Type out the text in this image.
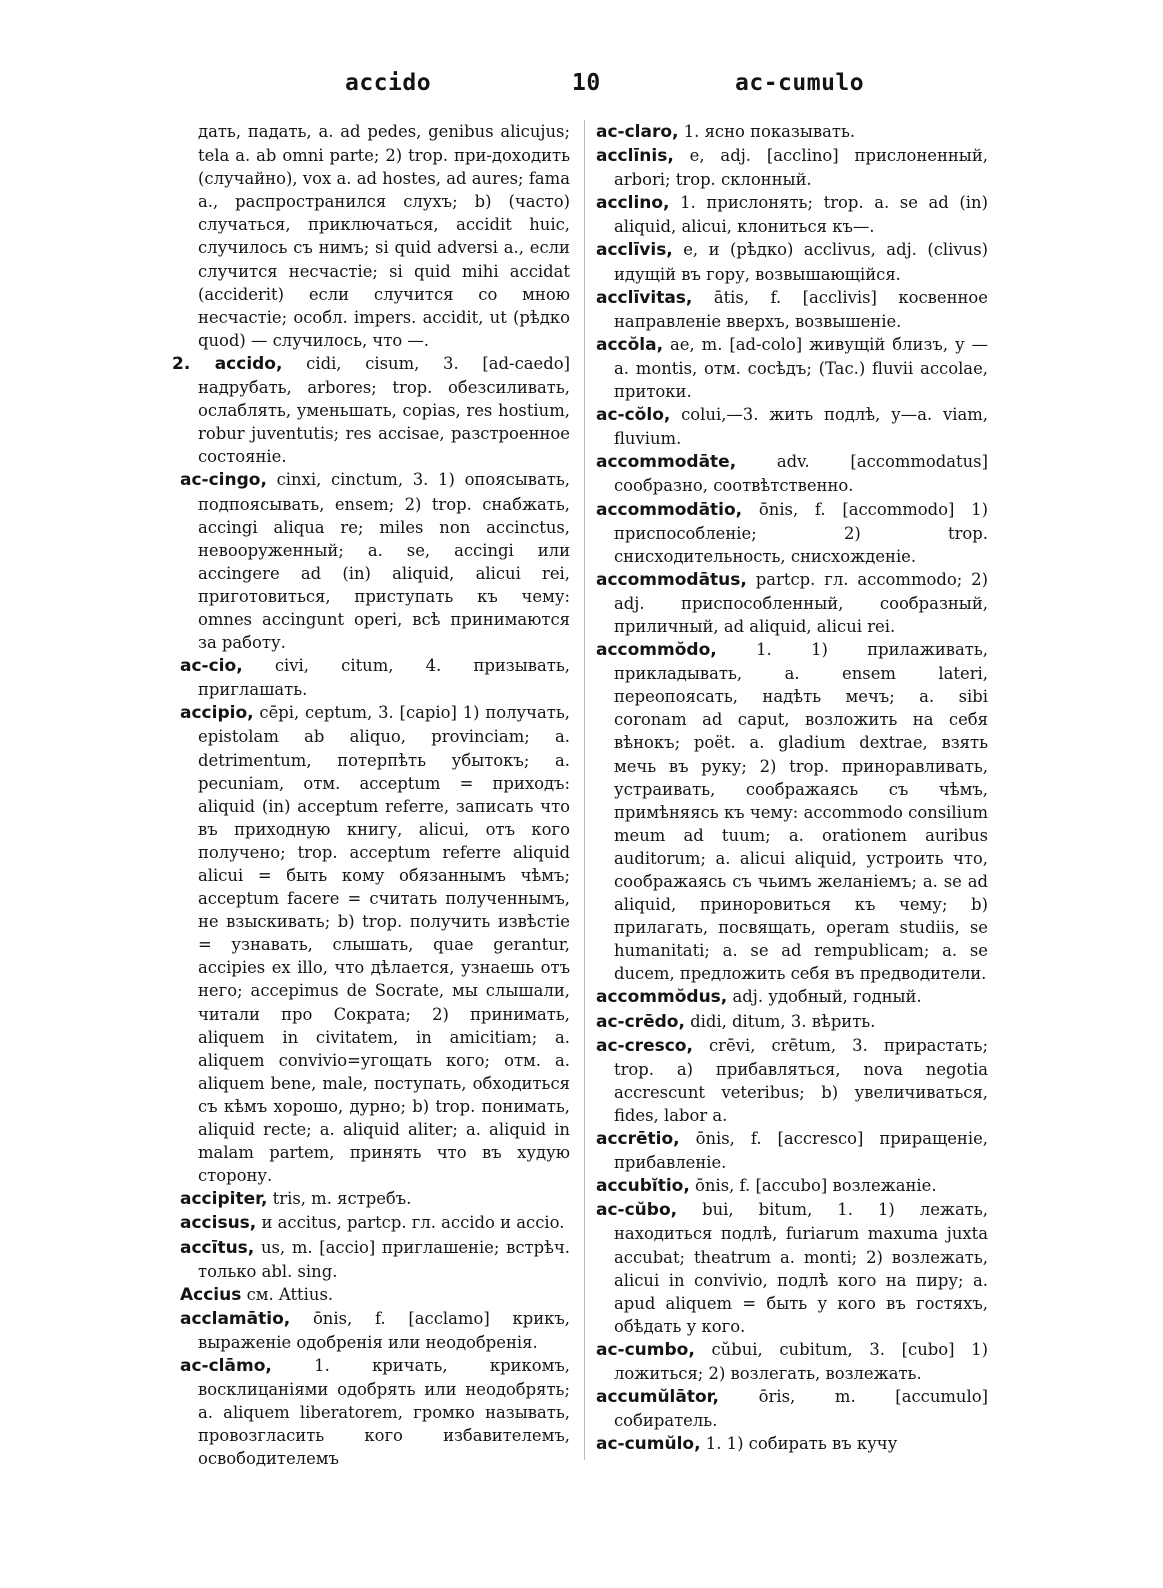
accido	10	ac-cumulo

дать, падать, a. ad pedes, genibus alicujus; tela a. ab omni parte; 2) trop. при-доходить (случайно), vox a. ad hostes, ad aures; fama a., распространился слухъ; b) (часто) случаться, приключаться, accidit huic, случилось съ нимъ; si quid adversi a., если случится несчастіе; si quid mihi accidat (acciderit) если случится со мною несчастіе; особл. impers. accidit, ut (рѣдко quod) — случилось, что —.

2. accido, cidi, cisum, 3. [ad-caedo] надрубать, arbores; trop. обезсиливать, ослаблять, уменьшать, copias, res hostium, robur juventutis; res accisae, разстроенное состояніе.

ac-cingo, cinxi, cinctum, 3. 1) опоясывать, подпоясывать, ensem; 2) trop. снабжать, accingi aliqua re; miles non accinctus, невооруженный; a. se, accingi или accingere ad (in) aliquid, alicui rei, приготовиться, приступать къ чему: omnes accingunt operi, всѣ принимаются за работу.

ac-cio, civi, citum, 4. призывать, приглашать.

accipio, cēpi, ceptum, 3. [capio] 1) получать, epistolam ab aliquo, provinciam; a. detrimentum, потерпѣть убытокъ; a. pecuniam, отм. acceptum = приходъ: aliquid (in) acceptum referre, записать что въ приходную книгу, alicui, отъ кого получено; trop. acceptum referre aliquid alicui = быть кому обязаннымъ чѣмъ; acceptum facere = считать полученнымъ, не взыскивать; b) trop. получить извѣстіе = узнавать, слышать, quae gerantur, accipies ex illo, что дѣлается, узнаешь отъ него; accepimus de Socrate, мы слышали, читали про Сократа; 2) принимать, aliquem in civitatem, in amicitiam; a. aliquem convivio=угощать кого; отм. a. aliquem bene, male, поступать, обходиться съ кѣмъ хорошо, дурно; b) trop. понимать, aliquid recte; a. aliquid aliter; a. aliquid in malam partem, принять что въ худую сторону.

accipiter, tris, m. ястребъ.

accisus, и accitus, partcp. гл. accido и accio.

accītus, us, m. [accio] приглашеніе; встрѣч. только abl. sing.

Accius см. Attius.

acclamātio, ōnis, f. [acclamo] крикъ, выраженіе одобренія или неодобренія.

ac-clāmo,	1. кричать, крикомъ, восклицаніями одобрять или неодобрять; a. aliquem liberatorem, громко называть, провозгласить кого избавителемъ, освободителемъ

ac-claro, 1. ясно показывать.

acclīnis, e, adj. [acclino] прислоненный, arbori; trop. склонный.

acclino, 1. прислонять; trop. a. se ad (in) aliquid, alicui, клониться къ—.

acclīvis, e, и (рѣдко) acclivus, adj. (clivus) идущій въ гору, возвышающійся.

acclīvitas, ātis, f. [acclivis] косвенное направленіе вверхъ, возвышеніе.

accŏla, ae, m. [ad-colo] живущій близъ, у — a. montis, отм. сосѣдъ; (Tac.) fluvii accolae, притоки.

ac-cŏlo, colui,—3. жить подлѣ, у—a. viam, fluvium.

accommodāte, adv. [accommodatus] сообразно, соотвѣтственно.

accommodātio, ōnis, f. [accommodo] 1) приспособленіе; 2) trop. снисходительность, снисхожденіе.

accommodātus, partcp. гл. accommodo; 2) adj. приспособленный, сообразный, приличный, ad aliquid, alicui rei.

accommŏdo, 1. 1) прилаживать, прикладывать, a. ensem lateri, переопоясать, надѣть мечъ; a. sibi coronam ad caput, возложить на себя вѣнокъ; poët. a. gladium dextrae, взять мечь въ руку; 2) trop. приноравливать, устраивать, соображаясь съ чѣмъ, примѣняясь къ чему: accommodo consilium meum ad tuum; a. orationem auribus auditorum; a. alicui aliquid, устроить что, соображаясь съ чьимъ желаніемъ; a. se ad aliquid, приноровиться къ чему; b) прилагать, посвящать, operam studiis, se humanitati; a. se ad rempublicam; a. se ducem, предложить себя въ предводители.

accommŏdus, adj. удобный, годный.

ac-crēdo, didi, ditum, 3. вѣрить.

ac-cresco, crēvi, crētum, 3. прирастать; trop. a) прибавляться, nova negotia accrescunt veteribus; b) увеличиваться, fides, labor a.

accrētio, ōnis, f. [accresco] приращеніе, прибавленіе.

accubĭtio, ōnis, f. [accubo] возлежаніе.

ac-cŭbo, bui, bitum, 1. 1) лежать, находиться подлѣ, furiarum maxuma juxta accubat; theatrum a. monti; 2) возлежать, alicui in convivio, подлѣ кого на пиру; a. apud aliquem = быть у кого въ гостяхъ, обѣдать у кого.

ac-cumbo, cŭbui, cubitum, 3. [cubo] 1) ложиться; 2) возлегать, возлежать.

accumŭlātor, ōris, m. [accumulo] собиратель.

ac-cumŭlo, 1. 1) собирать въ кучу
